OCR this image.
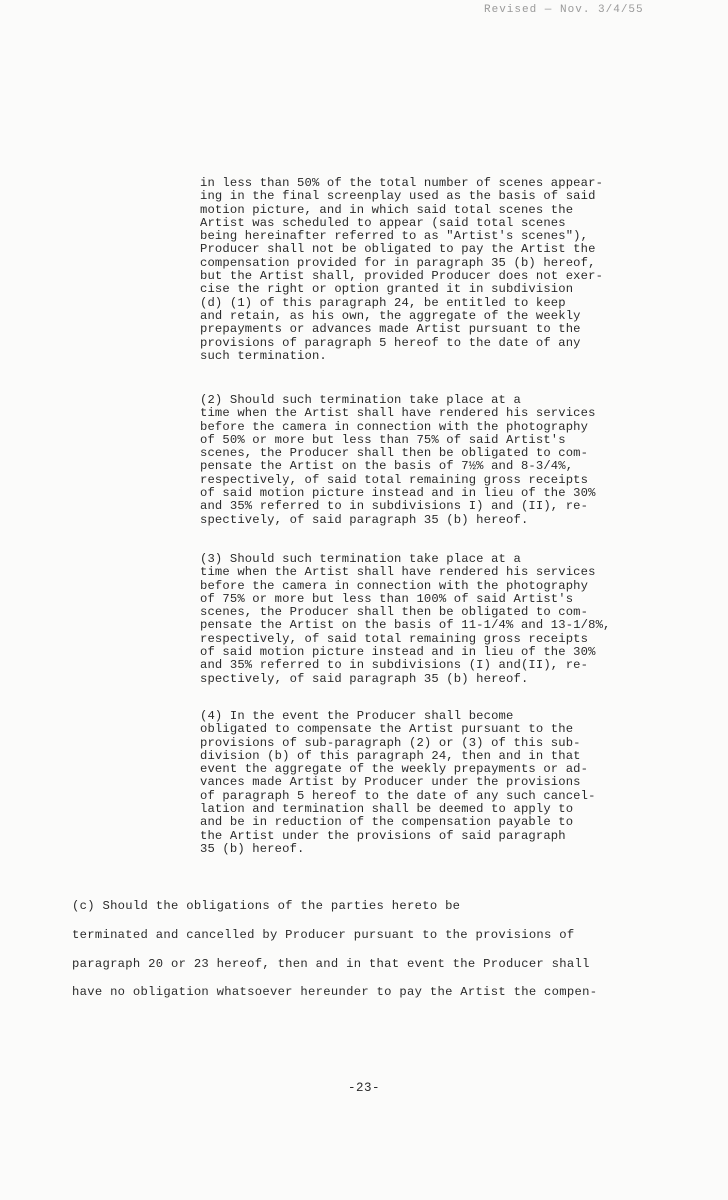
Revised — Nov. 3/4/55

in less than 50% of the total number of scenes appear-
ing in the final screenplay used as the basis of said
motion picture, and in which said total scenes the
Artist was scheduled to appear (said total scenes
being hereinafter referred to as "Artist's scenes"),
Producer shall not be obligated to pay the Artist the
compensation provided for in paragraph 35 (b) hereof,
but the Artist shall, provided Producer does not exer-
cise the right or option granted it in subdivision
(d) (1) of this paragraph 24, be entitled to keep
and retain, as his own, the aggregate of the weekly
prepayments or advances made Artist pursuant to the
provisions of paragraph 5 hereof to the date of any
such termination.

(2) Should such termination take place at a
time when the Artist shall have rendered his services
before the camera in connection with the photography
of 50% or more but less than 75% of said Artist's
scenes, the Producer shall then be obligated to com-
pensate the Artist on the basis of 7½% and 8-3/4%,
respectively, of said total remaining gross receipts
of said motion picture instead and in lieu of the 30%
and 35% referred to in subdivisions I) and (II), re-
spectively, of said paragraph 35 (b) hereof.

(3) Should such termination take place at a
time when the Artist shall have rendered his services
before the camera in connection with the photography
of 75% or more but less than 100% of said Artist's
scenes, the Producer shall then be obligated to com-
pensate the Artist on the basis of 11-1/4% and 13-1/8%,
respectively, of said total remaining gross receipts
of said motion picture instead and in lieu of the 30%
and 35% referred to in subdivisions (I) and(II), re-
spectively, of said paragraph 35 (b) hereof.

(4) In the event the Producer shall become
obligated to compensate the Artist pursuant to the
provisions of sub-paragraph (2) or (3) of this sub-
division (b) of this paragraph 24, then and in that
event the aggregate of the weekly prepayments or ad-
vances made Artist by Producer under the provisions
of paragraph 5 hereof to the date of any such cancel-
lation and termination shall be deemed to apply to
and be in reduction of the compensation payable to
the Artist under the provisions of said paragraph
35 (b) hereof.

(c) Should the obligations of the parties hereto be
terminated and cancelled by Producer pursuant to the provisions of
paragraph 20 or 23 hereof, then and in that event the Producer shall
have no obligation whatsoever hereunder to pay the Artist the compen-

-23-
